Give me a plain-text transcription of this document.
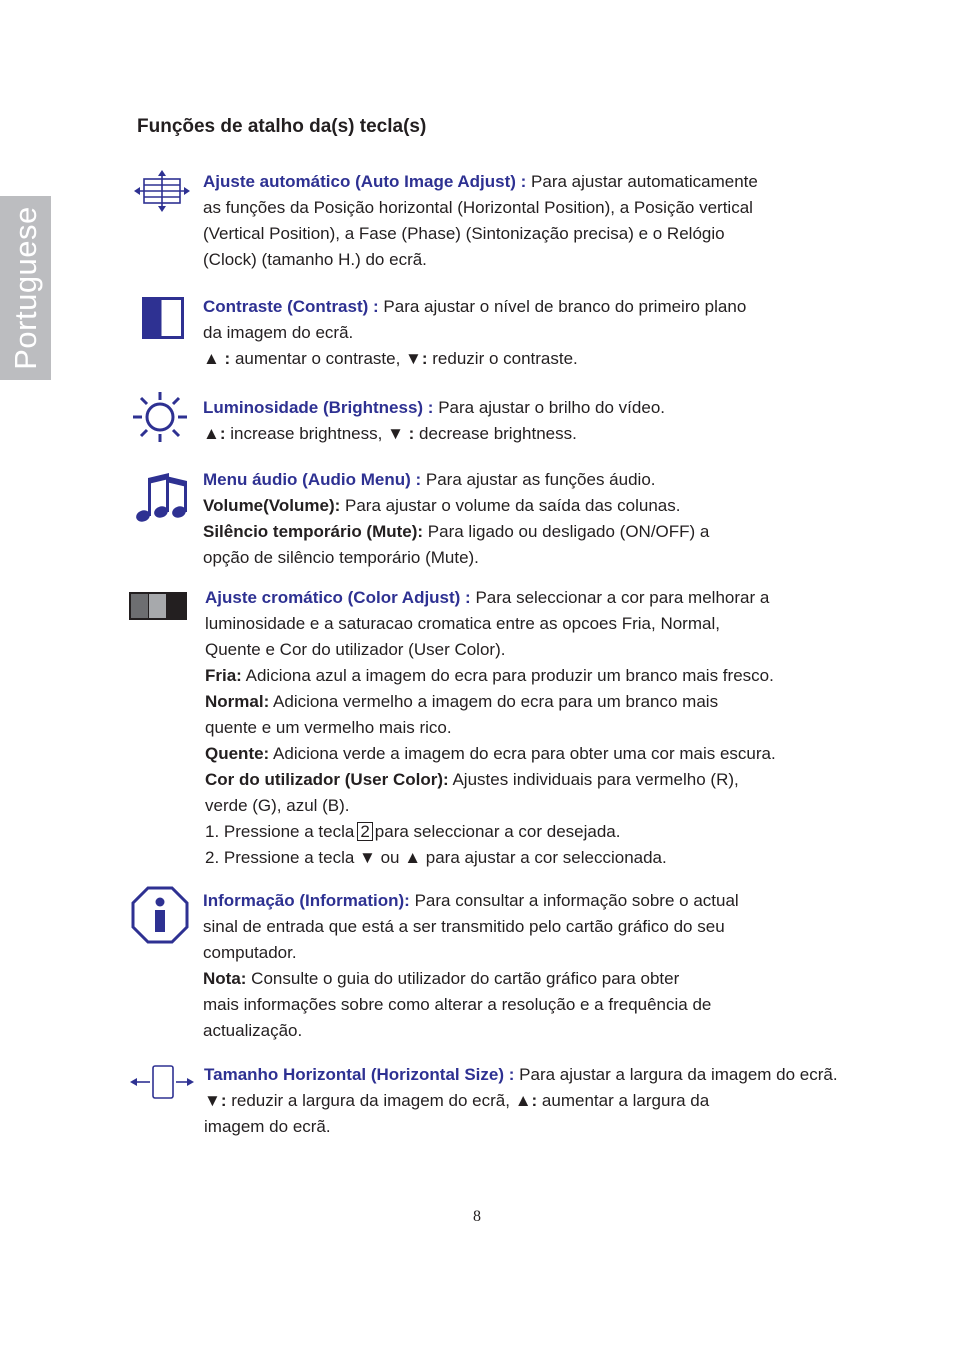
Portuguese
Funções de atalho da(s) tecla(s)

Ajuste automático (Auto Image Adjust) : Para ajustar automaticamente

as funções da Posição horizontal (Horizontal Position), a Posição vertical

(Vertical Position), a Fase (Phase) (Sintonização precisa) e o Relógio

(Clock) (tamanho H.) do ecrã.

Contraste (Contrast) : Para ajustar o nível de branco do primeiro plano

da imagem do ecrã.

▲ : aumentar o contraste, ▼: reduzir o contraste.

Luminosidade (Brightness) : Para ajustar o brilho do vídeo.

▲: increase brightness, ▼ : decrease brightness.

Menu áudio (Audio Menu) : Para ajustar as funções áudio.

Volume(Volume): Para ajustar o volume da saída das colunas.

Silêncio temporário (Mute): Para ligado ou desligado (ON/OFF) a

opção de silêncio temporário (Mute).

Ajuste cromático (Color Adjust) : Para seleccionar a cor para melhorar a

luminosidade e a saturacao cromatica entre as opcoes Fria, Normal,

Quente e Cor do utilizador (User Color).

Fria: Adiciona azul a imagem do ecra para produzir um branco mais fresco.

Normal: Adiciona vermelho a imagem do ecra para um branco mais

quente e um vermelho mais rico.

Quente: Adiciona verde a imagem do ecra para obter uma cor mais escura.

Cor do utilizador (User Color): Ajustes individuais para vermelho (R),

verde (G), azul (B).

1. Pressione a tecla 2 para seleccionar a cor desejada.

2. Pressione a tecla ▼ ou ▲ para ajustar a cor seleccionada.

Informação (Information): Para consultar a informação sobre o actual

sinal de entrada que está a ser transmitido pelo cartão gráfico do seu

computador.

Nota: Consulte o guia do utilizador do cartão gráfico para obter

mais informações sobre como alterar a resolução e a frequência de

actualização.

Tamanho Horizontal (Horizontal Size) : Para ajustar a largura da imagem do ecrã.

▼: reduzir a largura da imagem do ecrã, ▲: aumentar a largura da

imagem do ecrã.

8
